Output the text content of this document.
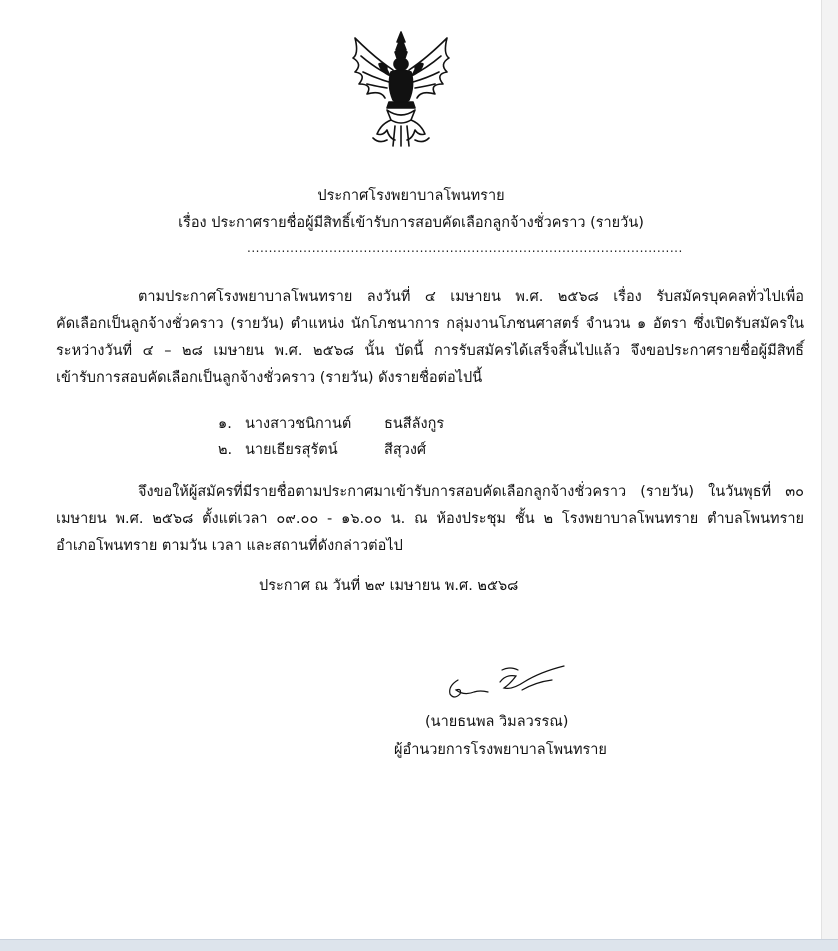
ประกาศโรงพยาบาลโพนทราย
เรื่อง ประกาศรายชื่อผู้มีสิทธิ์เข้ารับการสอบคัดเลือกลูกจ้างชั่วคราว (รายวัน)
.....................................................................................................
ตามประกาศโรงพยาบาลโพนทราย ลงวันที่ ๔ เมษายน พ.ศ. ๒๕๖๘ เรื่อง รับสมัครบุคคลทั่วไปเพื่อ
คัดเลือกเป็นลูกจ้างชั่วคราว (รายวัน) ตำแหน่ง นักโภชนาการ กลุ่มงานโภชนศาสตร์ จำนวน ๑ อัตรา ซึ่งเปิดรับสมัครใน
ระหว่างวันที่ ๔ – ๒๘ เมษายน พ.ศ. ๒๕๖๘ นั้น บัดนี้ การรับสมัครได้เสร็จสิ้นไปแล้ว จึงขอประกาศรายชื่อผู้มีสิทธิ์
เข้ารับการสอบคัดเลือกเป็นลูกจ้างชั่วคราว (รายวัน) ดังรายชื่อต่อไปนี้
๑. นางสาวชนิกานต์ ธนสีลังกูร
๒. นายเธียรสุรัตน์	สีสุวงศ์
จึงขอให้ผู้สมัครที่มีรายชื่อตามประกาศมาเข้ารับการสอบคัดเลือกลูกจ้างชั่วคราว (รายวัน) ในวันพุธที่ ๓๐
เมษายน พ.ศ. ๒๕๖๘ ตั้งแต่เวลา ๐๙.๐๐ - ๑๖.๐๐ น. ณ ห้องประชุม ชั้น ๒ โรงพยาบาลโพนทราย ตำบลโพนทราย
อำเภอโพนทราย ตามวัน เวลา และสถานที่ดังกล่าวต่อไป
ประกาศ ณ วันที่ ๒๙ เมษายน พ.ศ. ๒๕๖๘
(นายธนพล วิมลวรรณ)
ผู้อำนวยการโรงพยาบาลโพนทราย
